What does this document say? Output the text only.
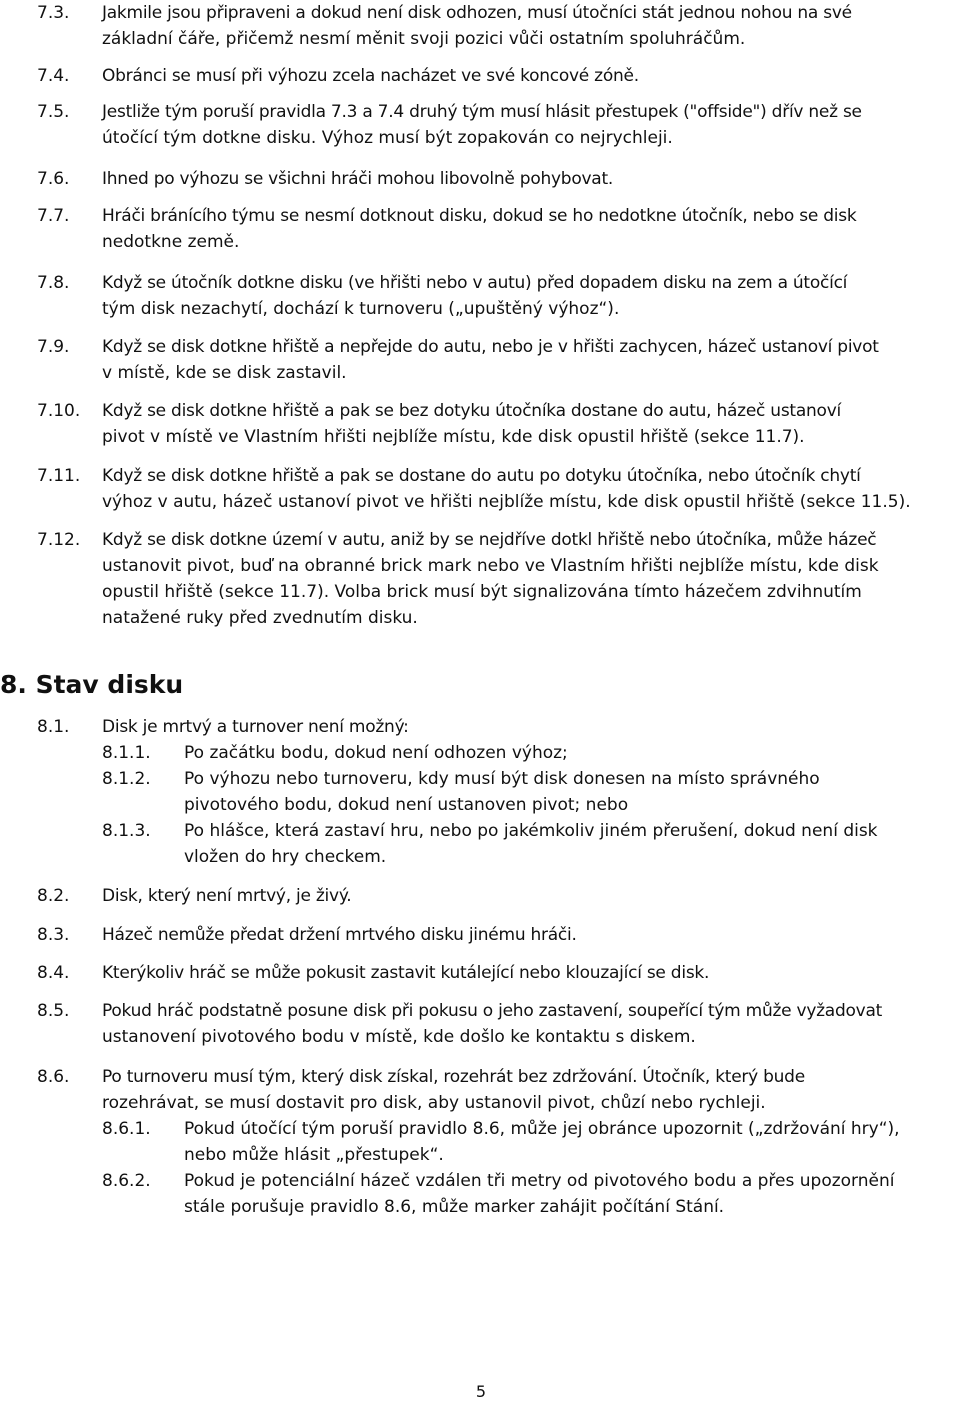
7.3. Jakmile jsou připraveni a dokud není disk odhozen, musí útočníci stát jednou nohou na své
základní čáře, přičemž nesmí měnit svoji pozici vůči ostatním spoluhráčům.
7.4. Obránci se musí při výhozu zcela nacházet ve své koncové zóně.
7.5. Jestliže tým poruší pravidla 7.3 a 7.4 druhý tým musí hlásit přestupek ("offside") dřív než se
útočící tým dotkne disku. Výhoz musí být zopakován co nejrychleji.
7.6. Ihned po výhozu se všichni hráči mohou libovolně pohybovat.
7.7. Hráči bránícího týmu se nesmí dotknout disku, dokud se ho nedotkne útočník, nebo se disk
nedotkne země.
7.8. Když se útočník dotkne disku (ve hřišti nebo v autu) před dopadem disku na zem a útočící
tým disk nezachytí, dochází k turnoveru („upuštěný výhoz“).
7.9. Když se disk dotkne hřiště a nepřejde do autu, nebo je v hřišti zachycen, házeč ustanoví pivot
v místě, kde se disk zastavil.
7.10. Když se disk dotkne hřiště a pak se bez dotyku útočníka dostane do autu, házeč ustanoví
pivot v místě ve Vlastním hřišti nejblíže místu, kde disk opustil hřiště (sekce 11.7).
7.11. Když se disk dotkne hřiště a pak se dostane do autu po dotyku útočníka, nebo útočník chytí
výhoz v autu, házeč ustanoví pivot ve hřišti nejblíže místu, kde disk opustil hřiště (sekce 11.5).
7.12. Když se disk dotkne území v autu, aniž by se nejdříve dotkl hřiště nebo útočníka, může házeč
ustanovit pivot, buď na obranné brick mark nebo ve Vlastním hřišti nejblíže místu, kde disk
opustil hřiště (sekce 11.7). Volba brick musí být signalizována tímto házečem zdvihnutím
natažené ruky před zvednutím disku.
8. Stav disku
8.1. Disk je mrtvý a turnover není možný:
8.1.1. Po začátku bodu, dokud není odhozen výhoz;
8.1.2. Po výhozu nebo turnoveru, kdy musí být disk donesen na místo správného
pivotového bodu, dokud není ustanoven pivot; nebo
8.1.3. Po hlášce, která zastaví hru, nebo po jakémkoliv jiném přerušení, dokud není disk
vložen do hry checkem.
8.2. Disk, který není mrtvý, je živý.
8.3. Házeč nemůže předat držení mrtvého disku jinému hráči.
8.4. Kterýkoliv hráč se může pokusit zastavit kutálející nebo klouzající se disk.
8.5. Pokud hráč podstatně posune disk při pokusu o jeho zastavení, soupeřící tým může vyžadovat
ustanovení pivotového bodu v místě, kde došlo ke kontaktu s diskem.
8.6. Po turnoveru musí tým, který disk získal, rozehrát bez zdržování. Útočník, který bude
rozehrávat, se musí dostavit pro disk, aby ustanovil pivot, chůzí nebo rychleji.
8.6.1. Pokud útočící tým poruší pravidlo 8.6, může jej obránce upozornit („zdržování hry“),
nebo může hlásit „přestupek“.
8.6.2. Pokud je potenciální házeč vzdálen tři metry od pivotového bodu a přes upozornění
stále porušuje pravidlo 8.6, může marker zahájit počítání Stání.
5
